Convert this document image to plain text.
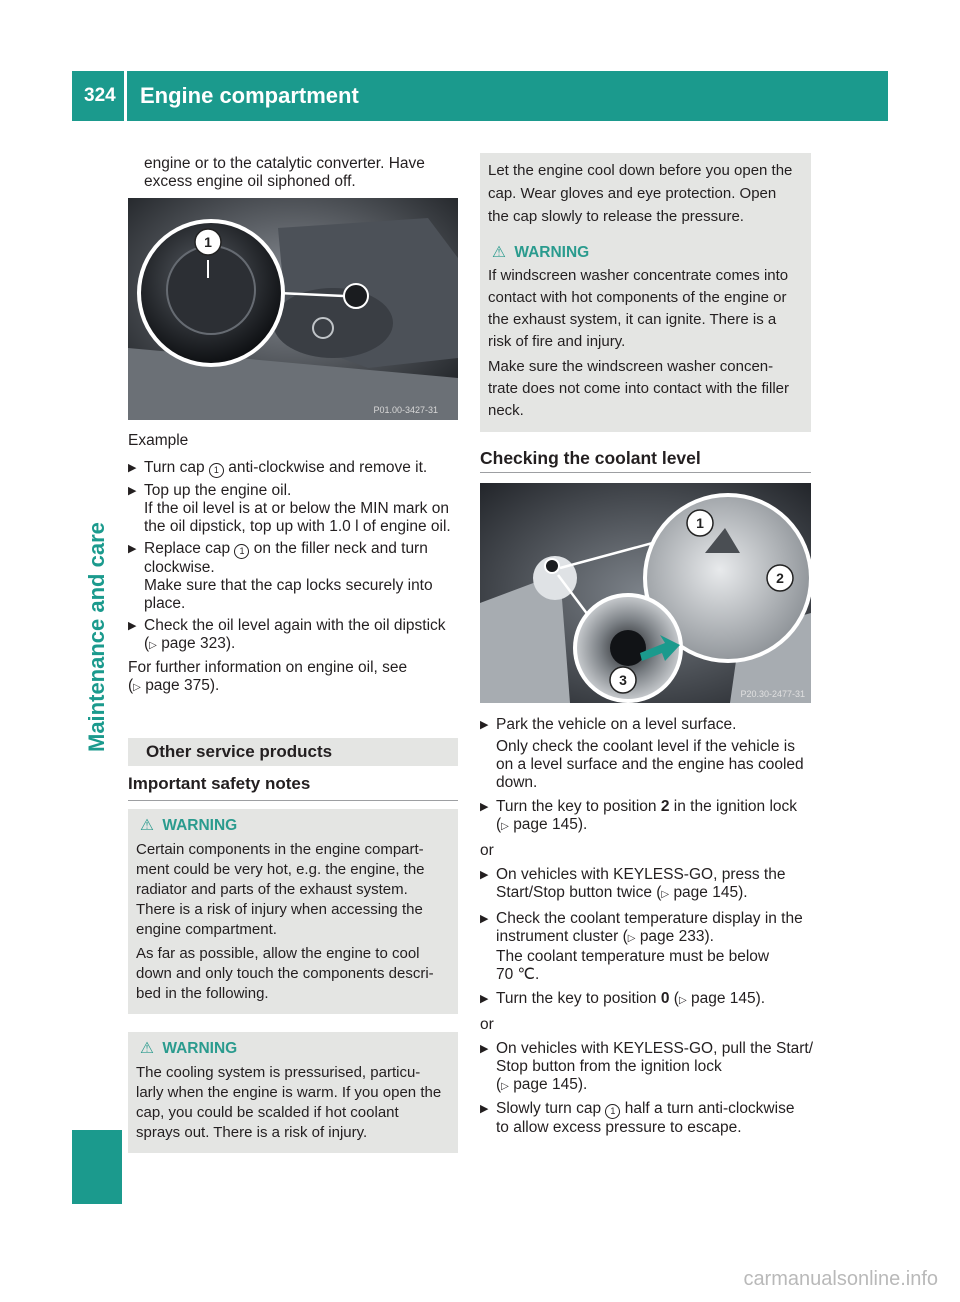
324 Engine compartment
Maintenance and care

engine or to the catalytic converter. Have

excess engine oil siphoned off.

1
P01.00-3427-31

Example

▶ Turn cap 1 anti-clockwise and remove it.
▶ Top up the engine oil.

If the oil level is at or below the MIN mark on

the oil dipstick, top up with 1.0 l of engine oil.

▶ Replace cap 1 on the filler neck and turn

clockwise.

Make sure that the cap locks securely into

place.

▶ Check the oil level again with the oil dipstick

(▷ page 323).

For further information on engine oil, see

(▷ page 375).

Other service products
Important safety notes

⚠ WARNING

Certain components in the engine compart-

ment could be very hot, e.g. the engine, the

radiator and parts of the exhaust system.

There is a risk of injury when accessing the

engine compartment.

As far as possible, allow the engine to cool

down and only touch the components descri-

bed in the following.

⚠ WARNING

The cooling system is pressurised, particu-

larly when the engine is warm. If you open the

cap, you could be scalded if hot coolant

sprays out. There is a risk of injury.

Let the engine cool down before you open the

cap. Wear gloves and eye protection. Open

the cap slowly to release the pressure.

⚠ WARNING

If windscreen washer concentrate comes into

contact with hot components of the engine or

the exhaust system, it can ignite. There is a

risk of fire and injury.

Make sure the windscreen washer concen-

trate does not come into contact with the filler

neck.

Checking the coolant level
1
2
3
P20.30-2477-31
▶ Park the vehicle on a level surface.

Only check the coolant level if the vehicle is

on a level surface and the engine has cooled

down.

▶ Turn the key to position 2 in the ignition lock

(▷ page 145).

or

▶ On vehicles with KEYLESS-GO, press the

Start/Stop button twice (▷ page 145).

▶ Check the coolant temperature display in the

instrument cluster (▷ page 233).

The coolant temperature must be below

70 ℃.

▶ Turn the key to position 0 (▷ page 145).

or

▶ On vehicles with KEYLESS-GO, pull the Start/

Stop button from the ignition lock

(▷ page 145).

▶ Slowly turn cap 1 half a turn anti-clockwise

to allow excess pressure to escape.

carmanualsonline.info
